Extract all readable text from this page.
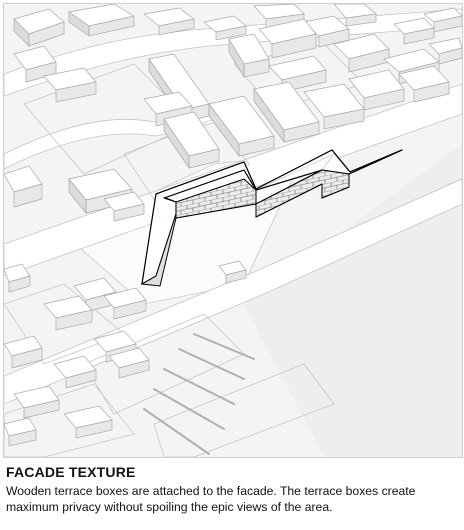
FACADE TEXTURE
Wooden terrace boxes are attached to the facade. The terrace boxes create maximum privacy without spoiling the epic views of the area.
